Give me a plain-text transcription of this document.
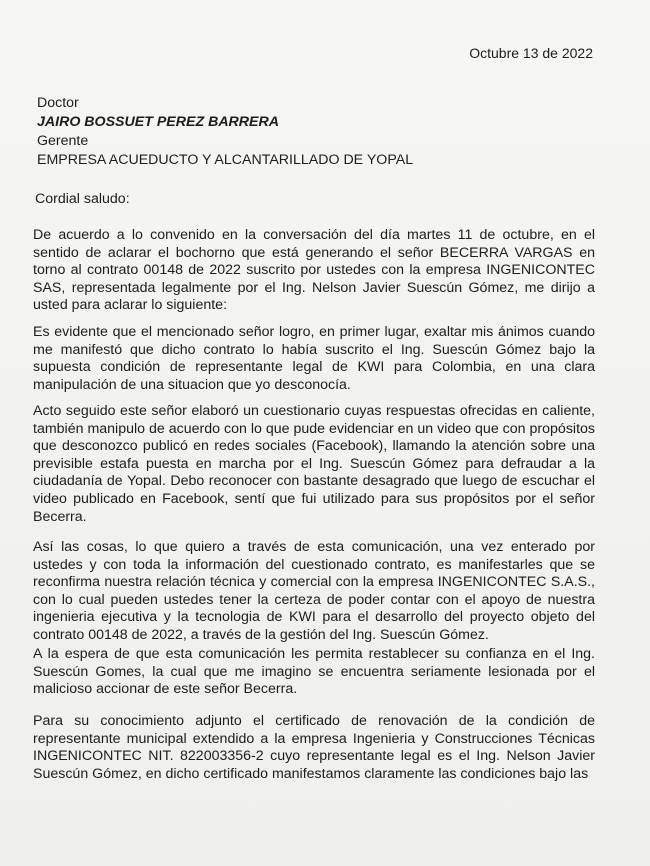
Octubre 13 de 2022
Doctor
JAIRO BOSSUET PEREZ BARRERA
Gerente
EMPRESA ACUEDUCTO Y ALCANTARILLADO DE YOPAL
Cordial saludo:

De acuerdo a lo convenido en la conversación del día martes 11 de octubre, en el sentido de aclarar el bochorno que está generando el señor BECERRA VARGAS en torno al contrato 00148 de 2022 suscrito por ustedes con la empresa INGENICONTEC SAS, representada legalmente por el Ing. Nelson Javier Suescún Gómez, me dirijo a usted para aclarar lo siguiente:

Es evidente que el mencionado señor logro, en primer lugar, exaltar mis ánimos cuando me manifestó que dicho contrato lo había suscrito el Ing. Suescún Gómez bajo la supuesta condición de representante legal de KWI para Colombia, en una clara manipulación de una situacion que yo desconocía.

Acto seguido este señor elaboró un cuestionario cuyas respuestas ofrecidas en caliente, también manipulo de acuerdo con lo que pude evidenciar en un video que con propósitos que desconozco publicó en redes sociales (Facebook), llamando la atención sobre una previsible estafa puesta en marcha por el Ing. Suescún Gómez para defraudar a la ciudadanía de Yopal. Debo reconocer con bastante desagrado que luego de escuchar el video publicado en Facebook, sentí que fui utilizado para sus propósitos por el señor Becerra.

Así las cosas, lo que quiero a través de esta comunicación, una vez enterado por ustedes y con toda la información del cuestionado contrato, es manifestarles que se reconfirma nuestra relación técnica y comercial con la empresa INGENICONTEC S.A.S., con lo cual pueden ustedes tener la certeza de poder contar con el apoyo de nuestra ingenieria ejecutiva y la tecnologia de KWI para el desarrollo del proyecto objeto del contrato 00148 de 2022, a través de la gestión del Ing. Suescún Gómez.

A la espera de que esta comunicación les permita restablecer su confianza en el Ing. Suescún Gomes, la cual que me imagino se encuentra seriamente lesionada por el malicioso accionar de este señor Becerra.

Para su conocimiento adjunto el certificado de renovación de la condición de representante municipal extendido a la empresa Ingenieria y Construcciones Técnicas INGENICONTEC NIT. 822003356-2 cuyo representante legal es el Ing. Nelson Javier Suescún Gómez, en dicho certificado manifestamos claramente las condiciones bajo las
